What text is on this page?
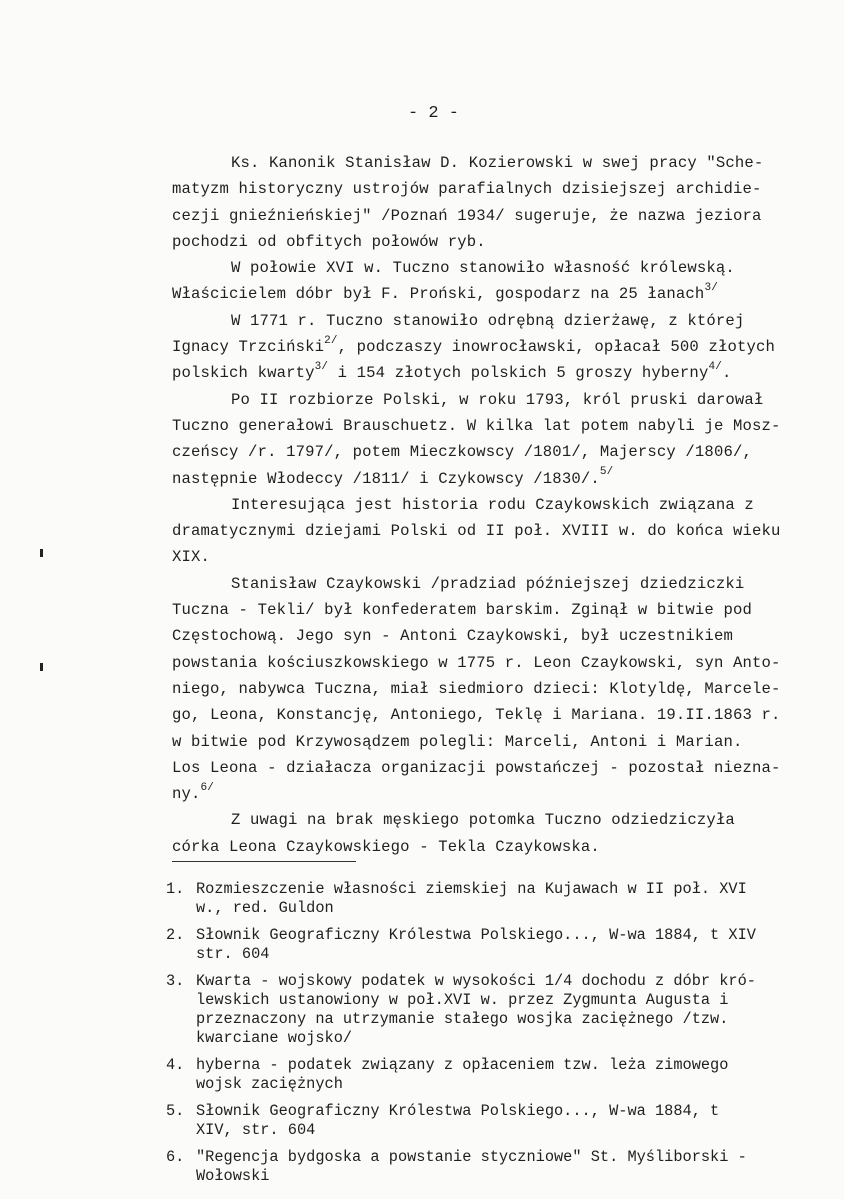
- 2 -

Ks. Kanonik Stanisław D. Kozierowski w swej pracy "Sche-
matyzm historyczny ustrojów parafialnych dzisiejszej archidie-
cezji gnieźnieńskiej" /Poznań 1934/ sugeruje, że nazwa jeziora
pochodzi od obfitych połowów ryb.

W połowie XVI w. Tuczno stanowiło własność królewską.
Właścicielem dóbr był F. Proński, gospodarz na 25 łanach$^{3/}$

W 1771 r. Tuczno stanowiło odrębną dzierżawę, z której
Ignacy Trzciński$^{2/}$, podczaszy inowrocławski, opłacał 500 złotych
polskich kwarty$^{3/}$ i 154 złotych polskich 5 groszy hyberny$^{4/}$.

Po II rozbiorze Polski, w roku 1793, król pruski darował
Tuczno generałowi Brauschuetz. W kilka lat potem nabyli je Mosz-
czeńscy /r. 1797/, potem Mieczkowscy /1801/, Majerscy /1806/,
następnie Włodeccy /1811/ i Czykowscy /1830/.$^{5/}$

Interesująca jest historia rodu Czaykowskich związana z
dramatycznymi dziejami Polski od II poł. XVIII w. do końca wieku
XIX.

Stanisław Czaykowski /pradziad późniejszej dziedziczki
Tuczna - Tekli/ był konfederatem barskim. Zginął w bitwie pod
Częstochową. Jego syn - Antoni Czaykowski, był uczestnikiem
powstania kościuszkowskiego w 1775 r. Leon Czaykowski, syn Anto-
niego, nabywca Tuczna, miał siedmioro dzieci: Klotyldę, Marcele-
go, Leona, Konstancję, Antoniego, Teklę i Mariana. 19.II.1863 r.
w bitwie pod Krzywosądzem polegli: Marceli, Antoni i Marian.
Los Leona - działacza organizacji powstańczej - pozostał niezna-
ny.$^{6/}$

Z uwagi na brak męskiego potomka Tuczno odziedziczyła
córka Leona Czaykowskiego - Tekla Czaykowska.

1. Rozmieszczenie własności ziemskiej na Kujawach w II poł. XVI
w., red. Guldon
2. Słownik Geograficzny Królestwa Polskiego..., W-wa 1884, t XIV
str. 604
3. Kwarta - wojskowy podatek w wysokości 1/4 dochodu z dóbr kró-
lewskich ustanowiony w poł.XVI w. przez Zygmunta Augusta i
przeznaczony na utrzymanie stałego wosjka zaciężnego /tzw.
kwarciane wojsko/
4. hyberna - podatek związany z opłaceniem tzw. leża zimowego
wojsk zaciężnych
5. Słownik Geograficzny Królestwa Polskiego..., W-wa 1884, t
XIV, str. 604
6. "Regencja bydgoska a powstanie styczniowe" St. Myśliborski -
Wołowski
